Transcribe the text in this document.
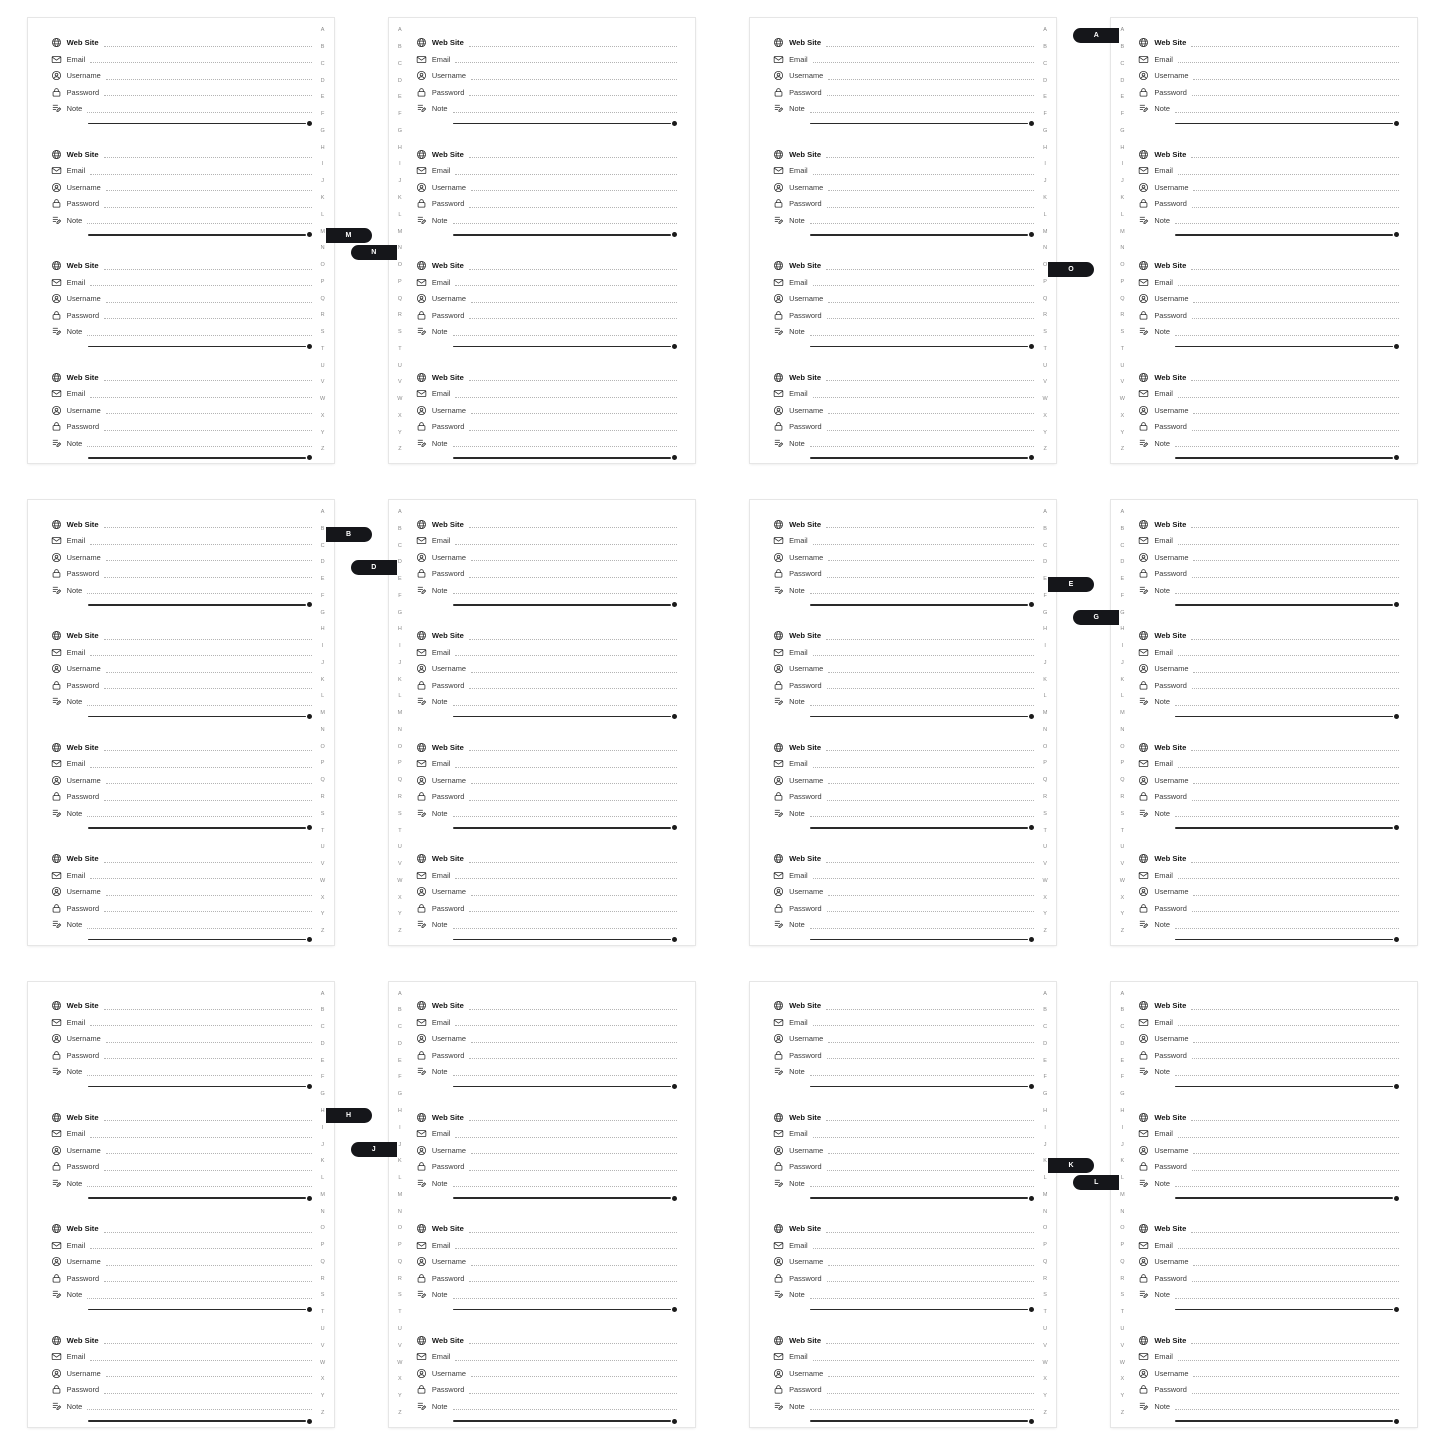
A
B
C
D
E
F
G
H
I
J
K
L
M
N
O
P
Q
R
S
T
U
V
W
X
Y
Z
M
Web Site
Email
Username
Password
Note
Web Site
Email
Username
Password
Note
Web Site
Email
Username
Password
Note
Web Site
Email
Username
Password
Note
A
B
C
D
E
F
G
H
I
J
K
L
M
N
O
P
Q
R
S
T
U
V
W
X
Y
Z
N
Web Site
Email
Username
Password
Note
Web Site
Email
Username
Password
Note
Web Site
Email
Username
Password
Note
Web Site
Email
Username
Password
Note
A
B
C
D
E
F
G
H
I
J
K
L
M
N
O
P
Q
R
S
T
U
V
W
X
Y
Z
O
Web Site
Email
Username
Password
Note
Web Site
Email
Username
Password
Note
Web Site
Email
Username
Password
Note
Web Site
Email
Username
Password
Note
A
B
C
D
E
F
G
H
I
J
K
L
M
N
O
P
Q
R
S
T
U
V
W
X
Y
Z
A
Web Site
Email
Username
Password
Note
Web Site
Email
Username
Password
Note
Web Site
Email
Username
Password
Note
Web Site
Email
Username
Password
Note
A
B
C
D
E
F
G
H
I
J
K
L
M
N
O
P
Q
R
S
T
U
V
W
X
Y
Z
B
Web Site
Email
Username
Password
Note
Web Site
Email
Username
Password
Note
Web Site
Email
Username
Password
Note
Web Site
Email
Username
Password
Note
A
B
C
D
E
F
G
H
I
J
K
L
M
N
O
P
Q
R
S
T
U
V
W
X
Y
Z
D
Web Site
Email
Username
Password
Note
Web Site
Email
Username
Password
Note
Web Site
Email
Username
Password
Note
Web Site
Email
Username
Password
Note
A
B
C
D
E
F
G
H
I
J
K
L
M
N
O
P
Q
R
S
T
U
V
W
X
Y
Z
E
Web Site
Email
Username
Password
Note
Web Site
Email
Username
Password
Note
Web Site
Email
Username
Password
Note
Web Site
Email
Username
Password
Note
A
B
C
D
E
F
G
H
I
J
K
L
M
N
O
P
Q
R
S
T
U
V
W
X
Y
Z
G
Web Site
Email
Username
Password
Note
Web Site
Email
Username
Password
Note
Web Site
Email
Username
Password
Note
Web Site
Email
Username
Password
Note
A
B
C
D
E
F
G
H
I
J
K
L
M
N
O
P
Q
R
S
T
U
V
W
X
Y
Z
H
Web Site
Email
Username
Password
Note
Web Site
Email
Username
Password
Note
Web Site
Email
Username
Password
Note
Web Site
Email
Username
Password
Note
A
B
C
D
E
F
G
H
I
J
K
L
M
N
O
P
Q
R
S
T
U
V
W
X
Y
Z
J
Web Site
Email
Username
Password
Note
Web Site
Email
Username
Password
Note
Web Site
Email
Username
Password
Note
Web Site
Email
Username
Password
Note
A
B
C
D
E
F
G
H
I
J
K
L
M
N
O
P
Q
R
S
T
U
V
W
X
Y
Z
K
Web Site
Email
Username
Password
Note
Web Site
Email
Username
Password
Note
Web Site
Email
Username
Password
Note
Web Site
Email
Username
Password
Note
A
B
C
D
E
F
G
H
I
J
K
L
M
N
O
P
Q
R
S
T
U
V
W
X
Y
Z
L
Web Site
Email
Username
Password
Note
Web Site
Email
Username
Password
Note
Web Site
Email
Username
Password
Note
Web Site
Email
Username
Password
Note
